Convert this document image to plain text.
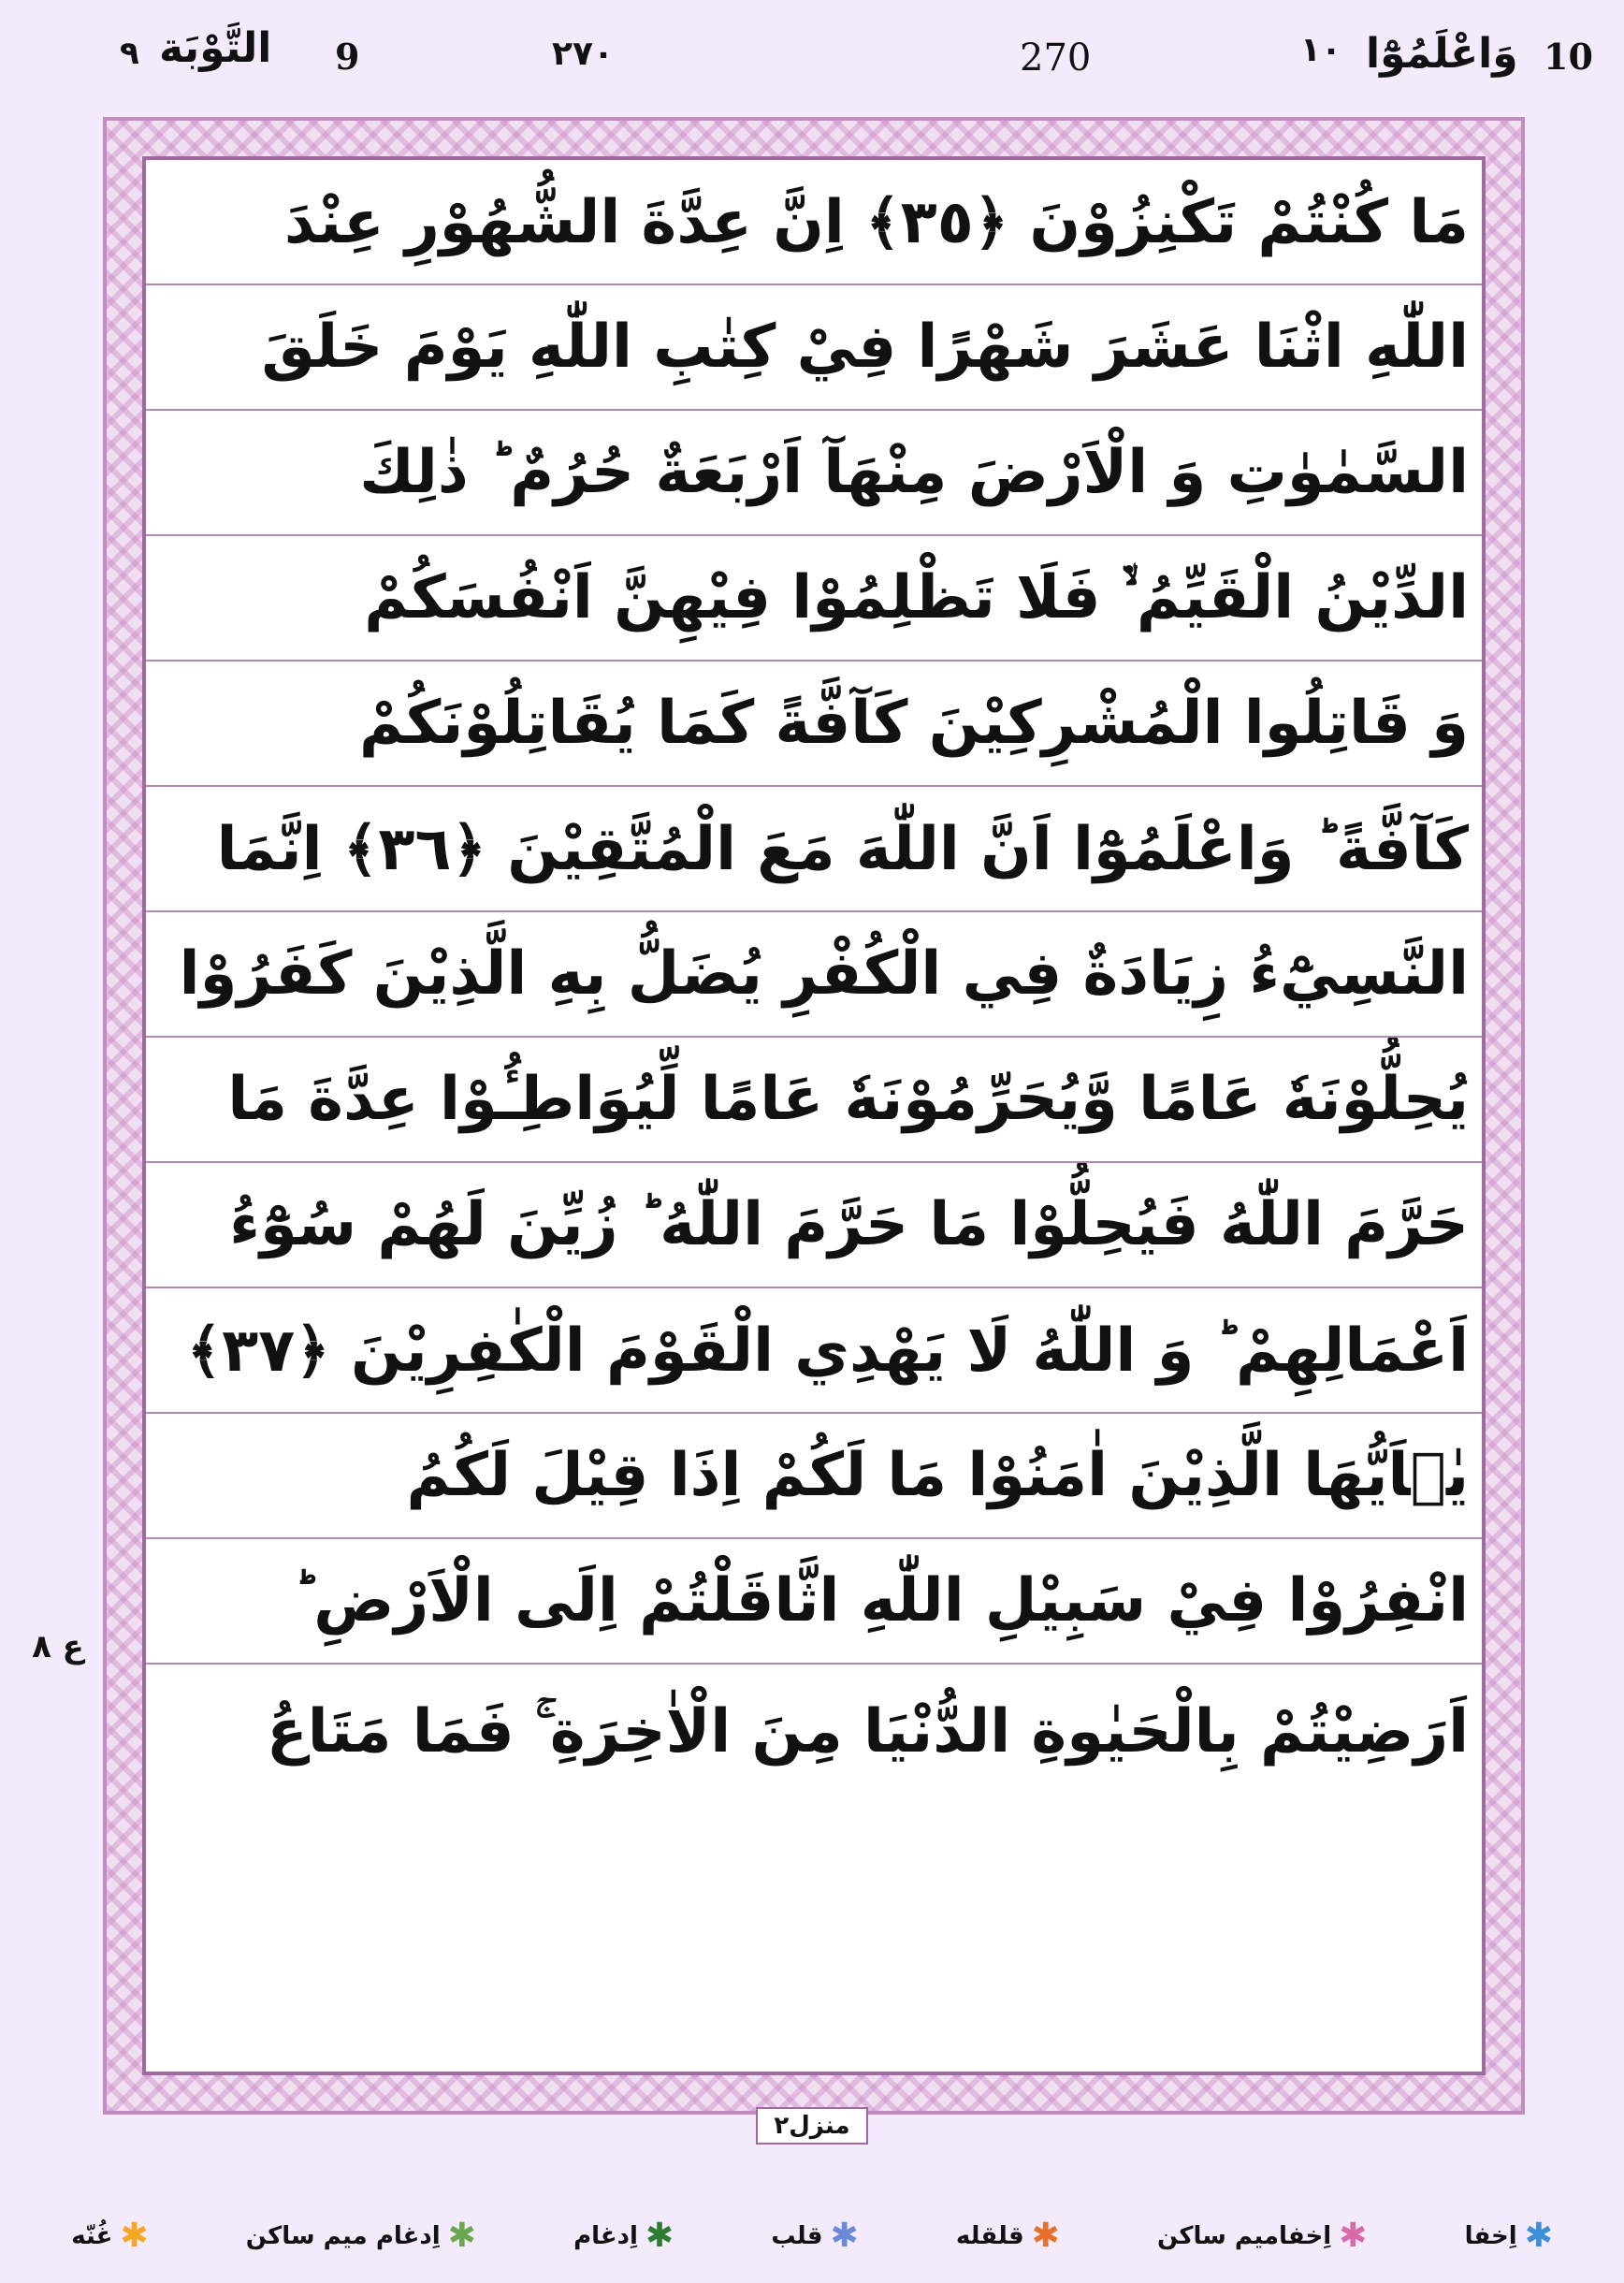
10
وَاعْلَمُوْٓا
١٠
270
٢٧٠
9
التَّوْبَة
٩
ع ٨
مَا كُنْتُمْ تَكْنِزُوْنَ ﴿٣٥﴾ اِنَّ عِدَّةَ الشُّهُوْرِ عِنْدَ
اللّٰهِ اثْنَا عَشَرَ شَهْرًا فِيْ كِتٰبِ اللّٰهِ يَوْمَ خَلَقَ
السَّمٰوٰتِ وَ الْاَرْضَ مِنْهَآ اَرْبَعَةٌ حُرُمٌ ؕ ذٰلِكَ
الدِّيْنُ الْقَيِّمُ ۙ۬ فَلَا تَظْلِمُوْا فِيْهِنَّ اَنْفُسَكُمْ
وَ قَاتِلُوا الْمُشْرِكِيْنَ كَآفَّةً كَمَا يُقَاتِلُوْنَكُمْ
كَآفَّةً ؕ وَاعْلَمُوْٓا اَنَّ اللّٰهَ مَعَ الْمُتَّقِيْنَ ﴿٣٦﴾ اِنَّمَا
النَّسِيْٓءُ زِيَادَةٌ فِي الْكُفْرِ يُضَلُّ بِهِ الَّذِيْنَ كَفَرُوْا
يُحِلُّوْنَهٗ عَامًا وَّيُحَرِّمُوْنَهٗ عَامًا لِّيُوَاطِـُٔوْا عِدَّةَ مَا
حَرَّمَ اللّٰهُ فَيُحِلُّوْا مَا حَرَّمَ اللّٰهُ ؕ زُيِّنَ لَهُمْ سُوْٓءُ
اَعْمَالِهِمْ ؕ وَ اللّٰهُ لَا يَهْدِي الْقَوْمَ الْكٰفِرِيْنَ ﴿٣٧﴾
يٰۤاَيُّهَا الَّذِيْنَ اٰمَنُوْا مَا لَكُمْ اِذَا قِيْلَ لَكُمُ
انْفِرُوْا فِيْ سَبِيْلِ اللّٰهِ اثَّاقَلْتُمْ اِلَى الْاَرْضِ ؕ
اَرَضِيْتُمْ بِالْحَيٰوةِ الدُّنْيَا مِنَ الْاٰخِرَةِ ۚ فَمَا مَتَاعُ
منزل٢
✱
اِخفا
✱
اِخفامیم ساکن
✱
قلقله
✱
قلب
✱
اِدغام
✱
اِدغام میم ساکن
✱
غُنّه
